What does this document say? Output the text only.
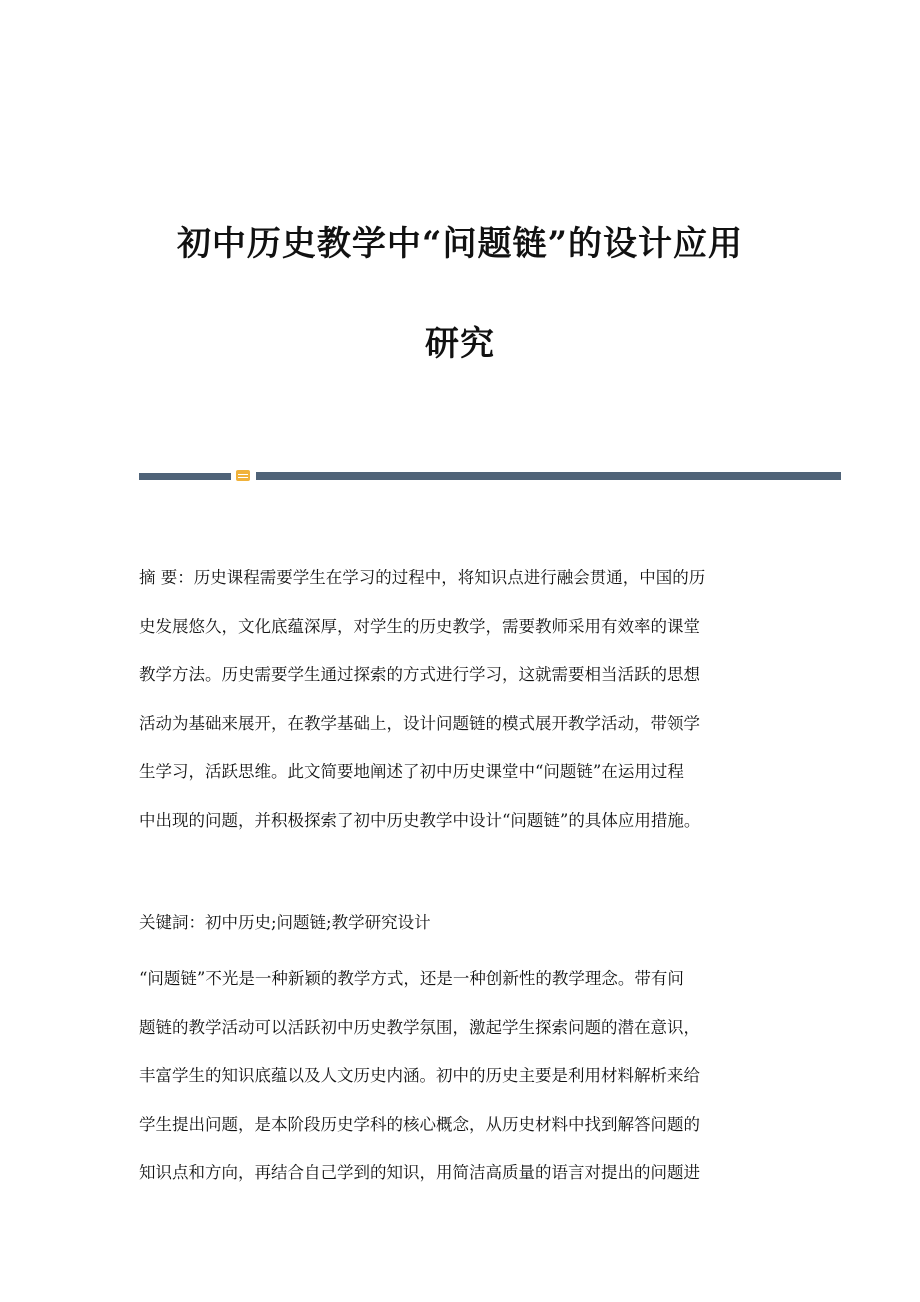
初中历史教学中“问题链”的设计应用
研究
摘 要：历史课程需要学生在学习的过程中，将知识点进行融会贯通，中国的历
史发展悠久，文化底蕴深厚，对学生的历史教学，需要教师采用有效率的课堂
教学方法。历史需要学生通过探索的方式进行学习，这就需要相当活跃的思想
活动为基础来展开，在教学基础上，设计问题链的模式展开教学活动，带领学
生学习，活跃思维。此文简要地阐述了初中历史课堂中“问题链”在运用过程
中出现的问题，并积极探索了初中历史教学中设计“问题链”的具体应用措施。
关键詞：初中历史;问题链;教学研究设计
“问题链”不光是一种新颖的教学方式，还是一种创新性的教学理念。带有问
题链的教学活动可以活跃初中历史教学氛围，激起学生探索问题的潜在意识，
丰富学生的知识底蕴以及人文历史内涵。初中的历史主要是利用材料解析来给
学生提出问题，是本阶段历史学科的核心概念，从历史材料中找到解答问题的
知识点和方向，再结合自己学到的知识，用简洁高质量的语言对提出的问题进
